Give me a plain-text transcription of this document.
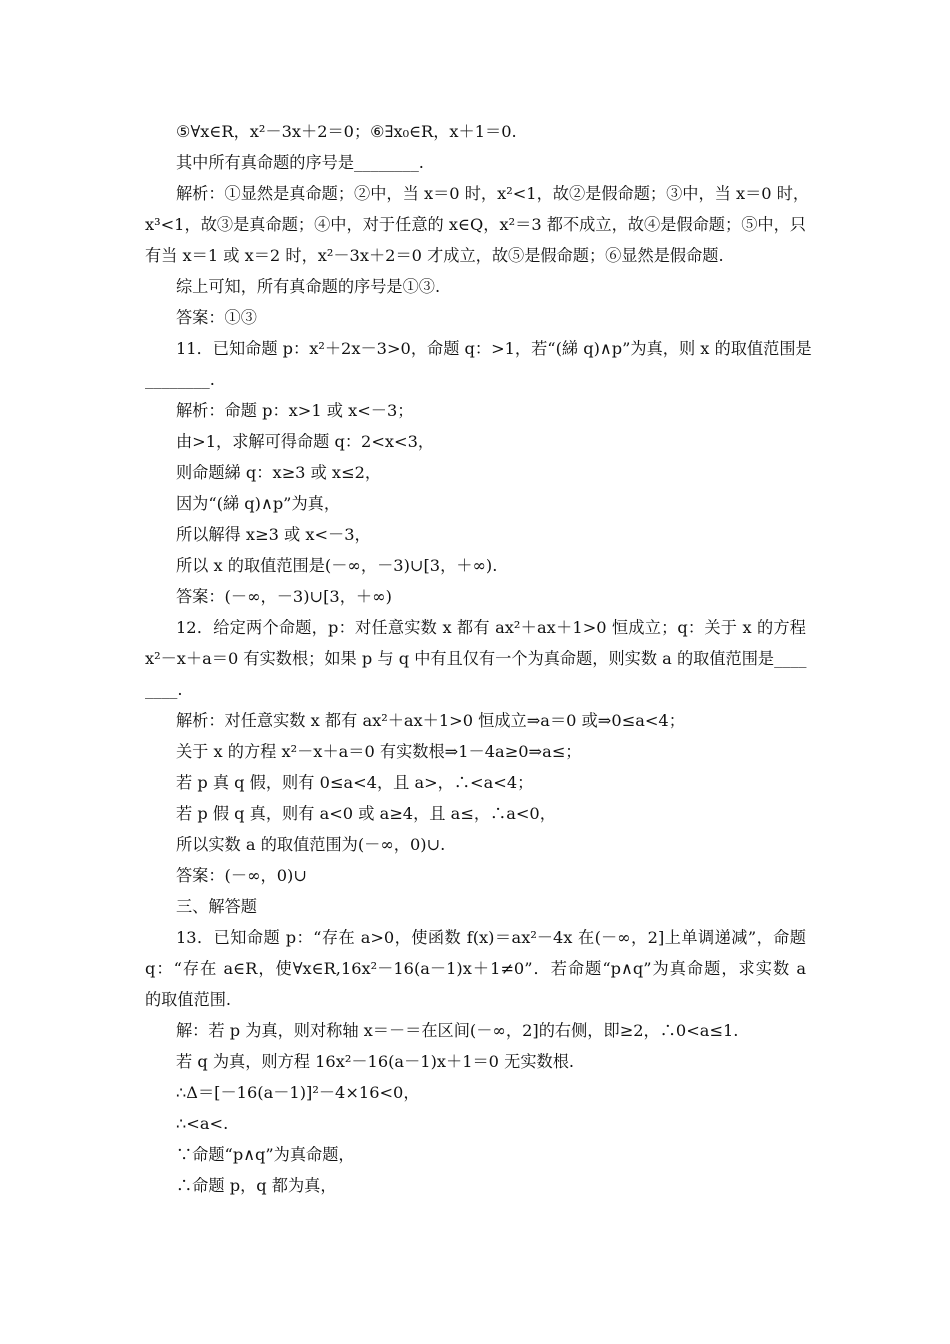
⑤∀x∈R，x²－3x＋2＝0；⑥∃x₀∈R，x＋1＝0.
其中所有真命题的序号是________.
解析：①显然是真命题；②中，当 x＝0 时，x²<1，故②是假命题；③中，当 x＝0 时，
x³<1，故③是真命题；④中，对于任意的 x∈Q，x²＝3 都不成立，故④是假命题；⑤中，只
有当 x＝1 或 x＝2 时，x²－3x＋2＝0 才成立，故⑤是假命题；⑥显然是假命题.
综上可知，所有真命题的序号是①③.
答案：①③
11．已知命题 p：x²＋2x－3>0，命题 q：>1，若“(綈 q)∧p”为真，则 x 的取值范围是
________.
解析：命题 p：x>1 或 x<－3；
由>1，求解可得命题 q：2<x<3，
则命题綈 q：x≥3 或 x≤2，
因为“(綈 q)∧p”为真，
所以解得 x≥3 或 x<－3，
所以 x 的取值范围是(－∞，－3)∪[3，＋∞).
答案：(－∞，－3)∪[3，＋∞)
12．给定两个命题，p：对任意实数 x 都有 ax²＋ax＋1>0 恒成立；q：关于 x 的方程
x²－x＋a＝0 有实数根；如果 p 与 q 中有且仅有一个为真命题，则实数 a 的取值范围是____
____.
解析：对任意实数 x 都有 ax²＋ax＋1>0 恒成立⇒a＝0 或⇒0≤a<4；
关于 x 的方程 x²－x＋a＝0 有实数根⇒1－4a≥0⇒a≤；
若 p 真 q 假，则有 0≤a<4，且 a>，∴<a<4；
若 p 假 q 真，则有 a<0 或 a≥4，且 a≤，∴a<0，
所以实数 a 的取值范围为(－∞，0)∪.
答案：(－∞，0)∪
三、解答题
13．已知命题 p：“存在 a>0，使函数 f(x)＝ax²－4x 在(－∞，2]上单调递减”，命题
q：“存在 a∈R，使∀x∈R,16x²－16(a－1)x＋1≠0”．若命题“p∧q”为真命题，求实数 a
的取值范围.
解：若 p 为真，则对称轴 x＝－＝在区间(－∞，2]的右侧，即≥2，∴0<a≤1.
若 q 为真，则方程 16x²－16(a－1)x＋1＝0 无实数根.
∴Δ＝[－16(a－1)]²－4×16<0，
∴<a<.
∵命题“p∧q”为真命题，
∴命题 p，q 都为真，
